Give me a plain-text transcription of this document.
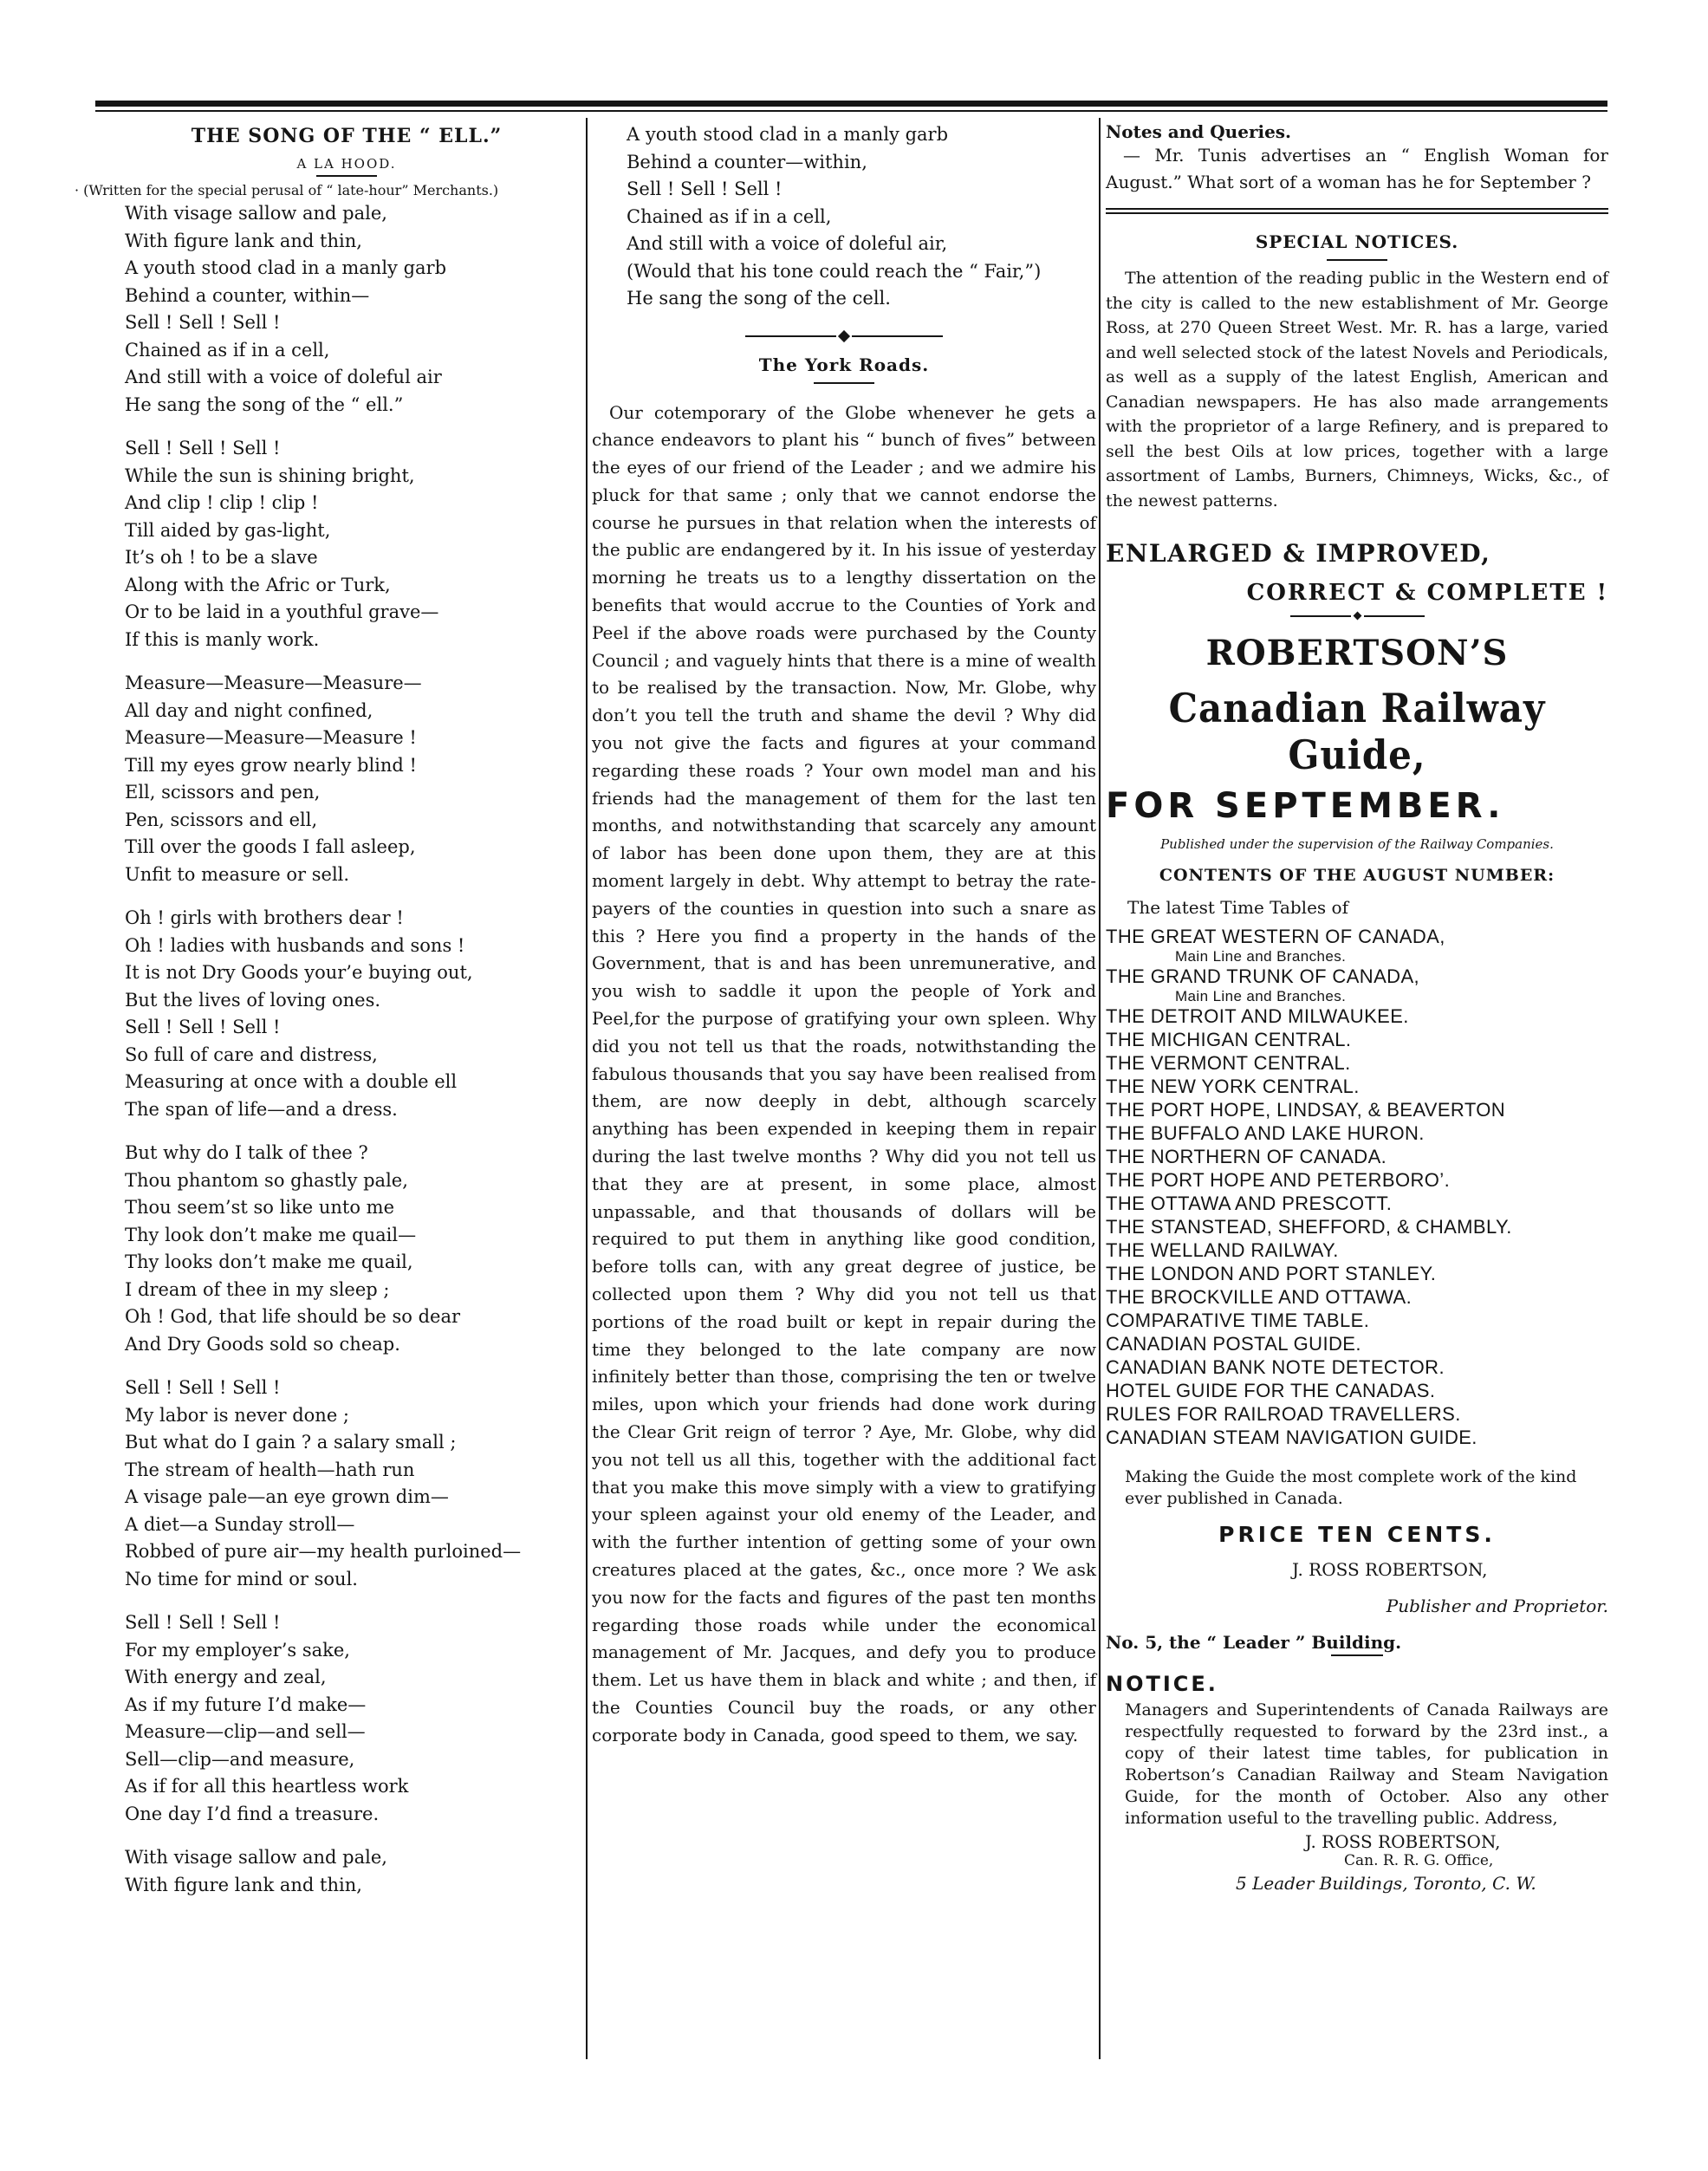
THE SONG OF THE “ ELL.”
A LA HOOD.
· (Written for the special perusal of “ late-hour” Merchants.)
With visage sallow and pale,
With figure lank and thin,
A youth stood clad in a manly garb
Behind a counter, within—
Sell ! Sell ! Sell !
Chained as if in a cell,
And still with a voice of doleful air
He sang the song of the “ ell.”
Sell ! Sell ! Sell !
While the sun is shining bright,
And clip ! clip ! clip !
Till aided by gas-light,
It’s oh ! to be a slave
Along with the Afric or Turk,
Or to be laid in a youthful grave—
If this is manly work.
Measure—Measure—Measure—
All day and night confined,
Measure—Measure—Measure !
Till my eyes grow nearly blind !
Ell, scissors and pen,
Pen, scissors and ell,
Till over the goods I fall asleep,
Unfit to measure or sell.
Oh ! girls with brothers dear !
Oh ! ladies with husbands and sons !
It is not Dry Goods your’e buying out,
But the lives of loving ones.
Sell ! Sell ! Sell !
So full of care and distress,
Measuring at once with a double ell
The span of life—and a dress.
But why do I talk of thee ?
Thou phantom so ghastly pale,
Thou seem’st so like unto me
Thy look don’t make me quail—
Thy looks don’t make me quail,
I dream of thee in my sleep ;
Oh ! God, that life should be so dear
And Dry Goods sold so cheap.
Sell ! Sell ! Sell !
My labor is never done ;
But what do I gain ? a salary small ;
The stream of health—hath run
A visage pale—an eye grown dim—
A diet—a Sunday stroll—
Robbed of pure air—my health purloined—
No time for mind or soul.
Sell ! Sell ! Sell !
For my employer’s sake,
With energy and zeal,
As if my future I’d make—
Measure—clip—and sell—
Sell—clip—and measure,
As if for all this heartless work
One day I’d find a treasure.
With visage sallow and pale,
With figure lank and thin,
A youth stood clad in a manly garb
Behind a counter—within,
Sell ! Sell ! Sell !
Chained as if in a cell,
And still with a voice of doleful air,
(Would that his tone could reach the “ Fair,”)
He sang the song of the cell.
The York Roads.

Our cotemporary of the Globe whenever he gets a chance endeavors to plant his “ bunch of fives” between the eyes of our friend of the Leader ; and we admire his pluck for that same ; only that we cannot endorse the course he pursues in that relation when the interests of the public are endangered by it. In his issue of yesterday morning he treats us to a lengthy dissertation on the benefits that would accrue to the Counties of York and Peel if the above roads were purchased by the County Council ; and vaguely hints that there is a mine of wealth to be realised by the transaction. Now, Mr. Globe, why don’t you tell the truth and shame the devil ? Why did you not give the facts and figures at your command regarding these roads ? Your own model man and his friends had the management of them for the last ten months, and notwithstanding that scarcely any amount of labor has been done upon them, they are at this moment largely in debt. Why attempt to betray the rate-payers of the counties in question into such a snare as this ? Here you find a property in the hands of the Government, that is and has been unremunerative, and you wish to saddle it upon the people of York and Peel,for the purpose of gratifying your own spleen. Why did you not tell us that the roads, notwithstanding the fabulous thousands that you say have been realised from them, are now deeply in debt, although scarcely anything has been expended in keeping them in repair during the last twelve months ? Why did you not tell us that they are at present, in some place, almost unpassable, and that thousands of dollars will be required to put them in anything like good condition, before tolls can, with any great degree of justice, be collected upon them ? Why did you not tell us that portions of the road built or kept in repair during the time they belonged to the late company are now infinitely better than those, comprising the ten or twelve miles, upon which your friends had done work during the Clear Grit reign of terror ? Aye, Mr. Globe, why did you not tell us all this, together with the additional fact that you make this move simply with a view to gratifying your spleen against your old enemy of the Leader, and with the further intention of getting some of your own creatures placed at the gates, &c., once more ? We ask you now for the facts and figures of the past ten months regarding those roads while under the economical management of Mr. Jacques, and defy you to produce them. Let us have them in black and white ; and then, if the Counties Council buy the roads, or any other corporate body in Canada, good speed to them, we say.

Notes and Queries.
— Mr. Tunis advertises an “ English Woman for August.” What sort of a woman has he for September ?
SPECIAL NOTICES.
The attention of the reading public in the Western end of the city is called to the new establishment of Mr. George Ross, at 270 Queen Street West. Mr. R. has a large, varied and well selected stock of the latest Novels and Periodicals, as well as a supply of the latest English, American and Canadian newspapers. He has also made arrangements with the proprietor of a large Refinery, and is prepared to sell the best Oils at low prices, together with a large assortment of Lambs, Burners, Chimneys, Wicks, &c., of the newest patterns.
ENLARGED & IMPROVED,
CORRECT & COMPLETE !
ROBERTSON’S
Canadian Railway Guide,
FOR SEPTEMBER.
Published under the supervision of the Railway Companies.
CONTENTS OF THE AUGUST NUMBER:
The latest Time Tables of
THE GREAT WESTERN OF CANADA,
Main Line and Branches.
THE GRAND TRUNK OF CANADA,
Main Line and Branches.
THE DETROIT AND MILWAUKEE.
THE MICHIGAN CENTRAL.
THE VERMONT CENTRAL.
THE NEW YORK CENTRAL.
THE PORT HOPE, LINDSAY, & BEAVERTON
THE BUFFALO AND LAKE HURON.
THE NORTHERN OF CANADA.
THE PORT HOPE AND PETERBORO’.
THE OTTAWA AND PRESCOTT.
THE STANSTEAD, SHEFFORD, & CHAMBLY.
THE WELLAND RAILWAY.
THE LONDON AND PORT STANLEY.
THE BROCKVILLE AND OTTAWA.
COMPARATIVE TIME TABLE.
CANADIAN POSTAL GUIDE.
CANADIAN BANK NOTE DETECTOR.
HOTEL GUIDE FOR THE CANADAS.
RULES FOR RAILROAD TRAVELLERS.
CANADIAN STEAM NAVIGATION GUIDE.
Making the Guide the most complete work of the kind ever published in Canada.
PRICE TEN CENTS.
J. ROSS ROBERTSON,
Publisher and Proprietor.
No. 5, the “ Leader ” Building.
NOTICE.
Managers and Superintendents of Canada Railways are respectfully requested to forward by the 23rd inst., a copy of their latest time tables, for publication in Robertson’s Canadian Railway and Steam Navigation Guide, for the month of October. Also any other information useful to the travelling public. Address,
J. ROSS ROBERTSON,
Can. R. R. G. Office,
5 Leader Buildings, Toronto, C. W.
